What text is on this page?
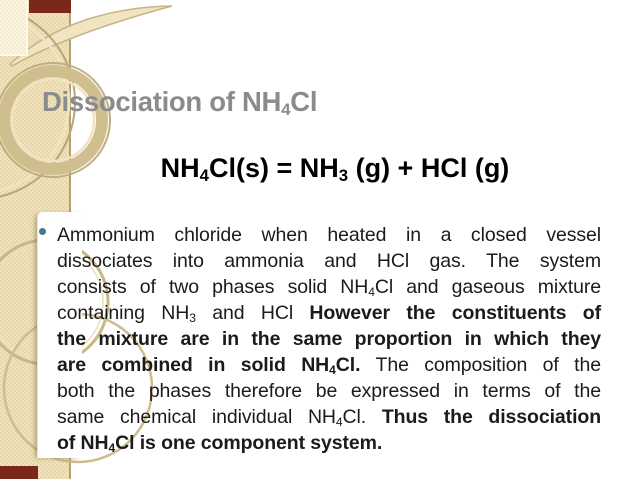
Dissociation of $NH_4Cl$
$NH_4Cl(s) = NH_3$ (g) + HCl (g)
Ammonium chloride when heated in a closed vessel
dissociates into ammonia and HCl gas. The system
consists of two phases solid $NH_4Cl$ and gaseous mixture
containing $NH_3$ and HCl However the constituents of
the mixture are in the same proportion in which they
are combined in solid $NH_4Cl$. The composition of the
both the phases therefore be expressed in terms of the
same chemical individual $NH_4Cl$. Thus the dissociation
of $NH_4Cl$ is one component system.
